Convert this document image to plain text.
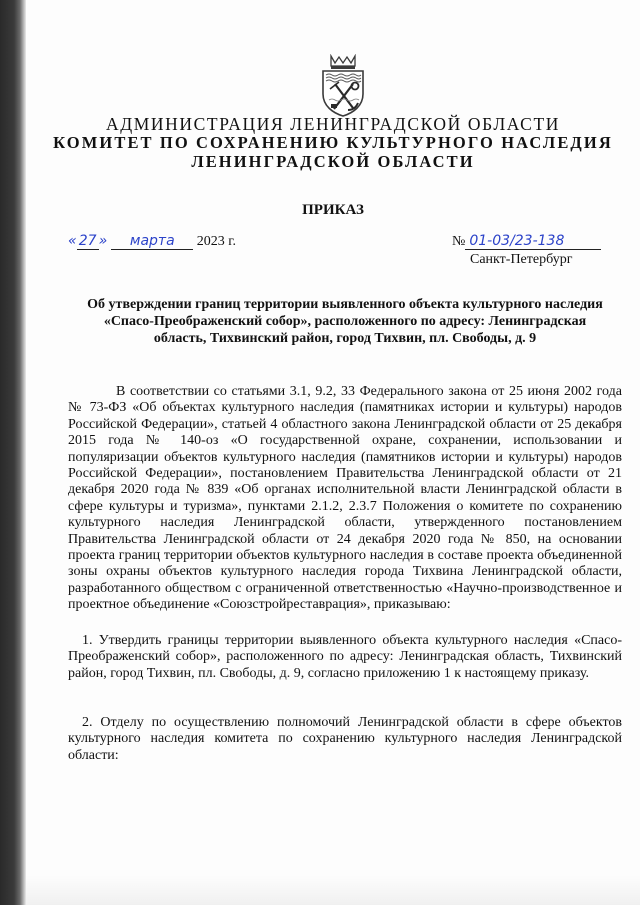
АДМИНИСТРАЦИЯ ЛЕНИНГРАДСКОЙ ОБЛАСТИ
КОМИТЕТ ПО СОХРАНЕНИЮ КУЛЬТУРНОГО НАСЛЕДИЯ
ЛЕНИНГРАДСКОЙ ОБЛАСТИ
ПРИКАЗ
« 27 » марта 2023 г.	№ 01-03/23-138
Санкт-Петербург
Об утверждении границ территории выявленного объекта культурного наследия «Спасо-Преображенский собор», расположенного по адресу: Ленинградская область, Тихвинский район, город Тихвин, пл. Свободы, д. 9
В соответствии со статьями 3.1, 9.2, 33 Федерального закона от 25 июня 2002 года № 73-ФЗ «Об объектах культурного наследия (памятниках истории и культуры) народов Российской Федерации», статьей 4 областного закона Ленинградской области от 25 декабря 2015 года № 140-оз «О государственной охране, сохранении, использовании и популяризации объектов культурного наследия (памятников истории и культуры) народов Российской Федерации», постановлением Правительства Ленинградской области от 21 декабря 2020 года № 839 «Об органах исполнительной власти Ленинградской области в сфере культуры и туризма», пунктами 2.1.2, 2.3.7 Положения о комитете по сохранению культурного наследия Ленинградской области, утвержденного постановлением Правительства Ленинградской области от 24 декабря 2020 года № 850, на основании проекта границ территории объектов культурного наследия в составе проекта объединенной зоны охраны объектов культурного наследия города Тихвина Ленинградской области, разработанного обществом с ограниченной ответственностью «Научно-производственное и проектное объединение «Союзстройреставрация», приказываю:
1. Утвердить границы территории выявленного объекта культурного наследия «Спасо-Преображенский собор», расположенного по адресу: Ленинградская область, Тихвинский район, город Тихвин, пл. Свободы, д. 9, согласно приложению 1 к настоящему приказу.
2. Отделу по осуществлению полномочий Ленинградской области в сфере объектов культурного наследия комитета по сохранению культурного наследия Ленинградской области:
